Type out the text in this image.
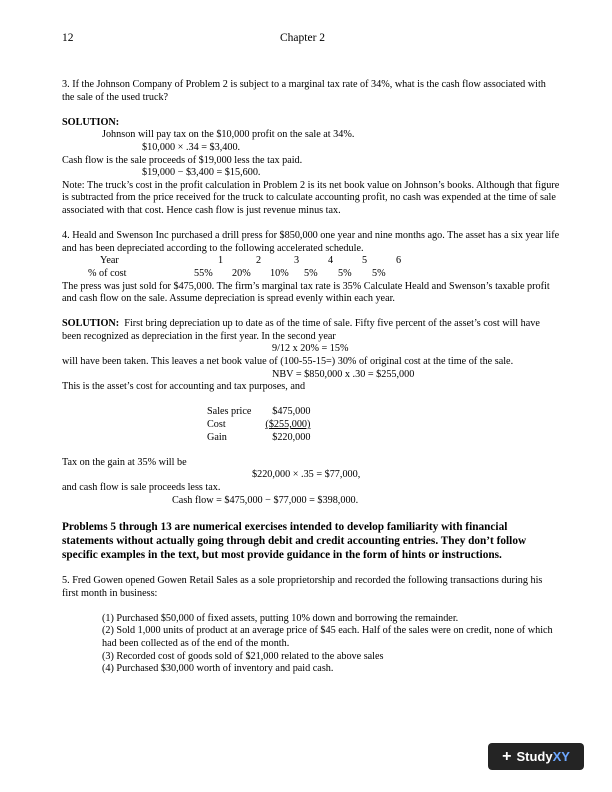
12	Chapter 2

3. If the Johnson Company of Problem 2 is subject to a marginal tax rate of 34%, what is the cash flow associated with the sale of the used truck?

SOLUTION:

Johnson will pay tax on the $10,000 profit on the sale at 34%.

$10,000 × .34 = $3,400.

Cash flow is the sale proceeds of $19,000 less the tax paid.

$19,000 − $3,400 = $15,600.

Note: The truck’s cost in the profit calculation in Problem 2 is its net book value on Johnson’s books. Although that figure is subtracted from the price received for the truck to calculate accounting profit, no cash was expended at the time of sale associated with that cost. Hence cash flow is just revenue minus tax.

4. Heald and Swenson Inc purchased a drill press for $850,000 one year and nine months ago. The asset has a six year life and has been depreciated according to the following accelerated schedule.

Year	1	2	3	4	5	6
% of cost	55%	20%	10%	5%	5%	5%

The press was just sold for $475,000. The firm’s marginal tax rate is 35% Calculate Heald and Swenson’s taxable profit and cash flow on the sale. Assume depreciation is spread evenly within each year.

SOLUTION: First bring depreciation up to date as of the time of sale. Fifty five percent of the asset’s cost will have been recognized as depreciation in the first year. In the second year

9/12 x 20% = 15%

will have been taken. This leaves a net book value of (100-55-15=) 30% of original cost at the time of the sale.

NBV = $850,000 x .30 = $255,000

This is the asset’s cost for accounting and tax purposes, and

Sales price	$475,000
Cost	($255,000)
Gain	$220,000

Tax on the gain at 35% will be

$220,000 × .35 = $77,000,

and cash flow is sale proceeds less tax.

Cash flow = $475,000 − $77,000 = $398,000.

Problems 5 through 13 are numerical exercises intended to develop familiarity with financial statements without actually going through debit and credit accounting entries. They don’t follow specific examples in the text, but most provide guidance in the form of hints or instructions.

5. Fred Gowen opened Gowen Retail Sales as a sole proprietorship and recorded the following transactions during his first month in business:

(1) Purchased $50,000 of fixed assets, putting 10% down and borrowing the remainder.

(2) Sold 1,000 units of product at an average price of $45 each. Half of the sales were on credit, none of which had been collected as of the end of the month.

(3) Recorded cost of goods sold of $21,000 related to the above sales

(4) Purchased $30,000 worth of inventory and paid cash.

+ Study XY
